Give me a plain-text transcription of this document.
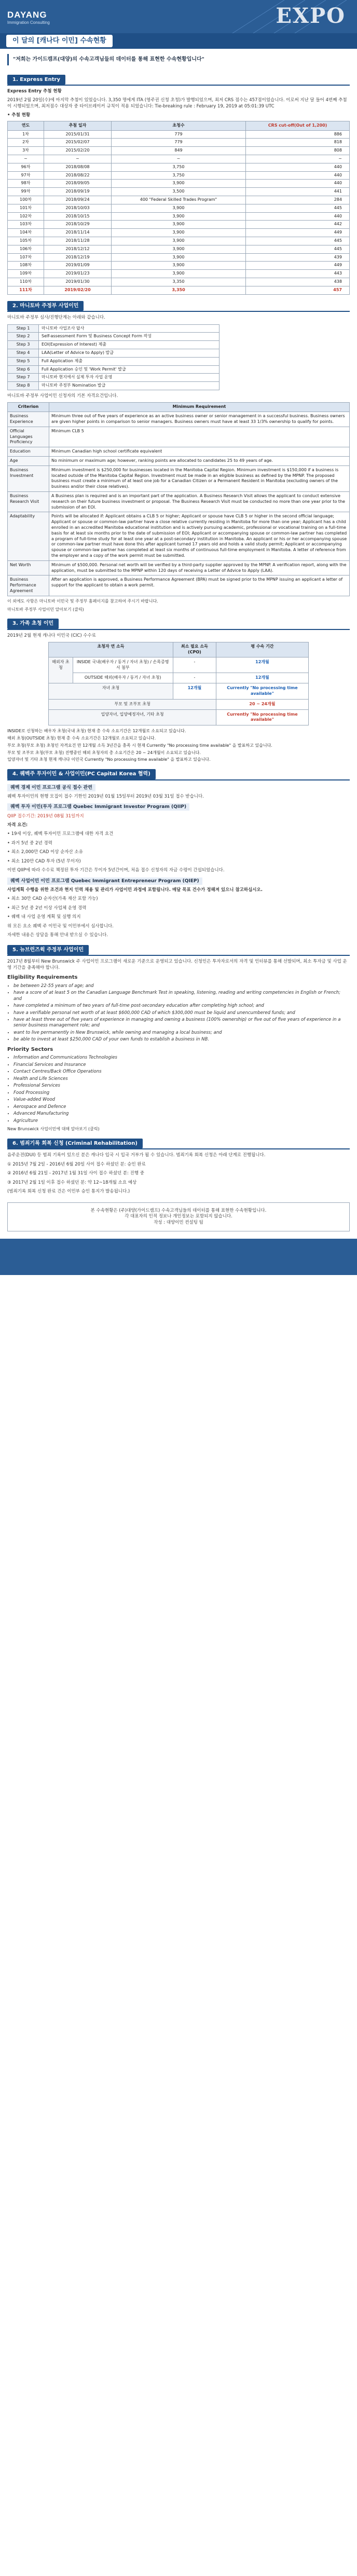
DAYANG
Immigration Consulting	EXPO
이 달의 [캐나다 이민] 수속현황
"저희는 가이드캠프(대양)의 수속고객님들의 데이터를 통해 표현한 수속현황입니다"
1. Express Entry
Express Entry 추첨 현황
2019년 2월 20일(수)에 마지막 추첨이 있었습니다. 3,350 명에게 ITA (영주권 신청 초청)가 발행되었으며, 최저 CRS 점수는 457점이었습니다. 이로써 지난 달 들어 4번째 추첨이 시행되었으며, 최저점수 대상자 중 타이브레이커 규칙이 적용 되었습니다: Tie-breaking rule : February 19, 2019 at 05:01:39 UTC
• 추첨 현황
연도	추첨 일자	초청수	CRS cut-off(Out of 1,200)
1차	2015/01/31	779	886
2차	2015/02/07	779	818
3차	2015/02/20	849	808
~	~	~	~
96차	2018/08/08	3,750	440
97차	2018/08/22	3,750	440
98차	2018/09/05	3,900	440
99차	2018/09/19	3,500	441
100차	2018/09/24	400 "Federal Skilled Trades Program"	284
101차	2018/10/03	3,900	445
102차	2018/10/15	3,900	440
103차	2018/10/29	3,900	442
104차	2018/11/14	3,900	449
105차	2018/11/28	3,900	445
106차	2018/12/12	3,900	445
107차	2018/12/19	3,900	439
108차	2019/01/09	3,900	449
109차	2019/01/23	3,900	443
110차	2019/01/30	3,350	438
111차	2019/02/20	3,350	457
2. 마니토바 주정부 사업이민
마니토바 주정부 심사/진행단계는 아래와 같습니다.
Step 1	마니토바 사업조사 답사
Step 2	Self-assessment Form 및 Business Concept Form 작성
Step 3	EOI(Expression of Interest) 제출
Step 4	LAA(Letter of Advice to Apply) 발급
Step 5	Full Application 제출
Step 6	Full Application 승인 및 'Work Permit' 발급
Step 7	마니토바 현지에서 실제 투자 사업 운영
Step 8	마니토바 주정부 Nomination 발급
마니토바 주정부 사업이민 신청자의 기본 자격요건입니다.
Criterion	Minimum Requirement
Business Experience	Minimum three out of five years of experience as an active business owner or senior management in a successful business. Business owners are given higher points in comparison to senior managers. Business owners must have at least 33 1/3% ownership to qualify for points.
Official Languages Proficiency	Minimum CLB 5
Education	Minimum Canadian high school certificate equivalent
Age	No minimum or maximum age; however, ranking points are allocated to candidates 25 to 49 years of age.
Business Investment	Minimum investment is $250,000 for businesses located in the Manitoba Capital Region. Minimum investment is $150,000 if a business is located outside of the Manitoba Capital Region. Investment must be made in an eligible business as defined by the MPNP. The proposed business must create a minimum of at least one job for a Canadian Citizen or a Permanent Resident in Manitoba (excluding owners of the business and/or their close relatives).
Business Research Visit	A Business plan is required and is an important part of the application. A Business Research Visit allows the applicant to conduct extensive research on their future business investment or proposal. The Business Research Visit must be conducted no more than one year prior to the submission of an EOI.
Adaptability	Points will be allocated if: Applicant obtains a CLB 5 or higher; Applicant or spouse have CLB 5 or higher in the second official language; Applicant or spouse or common-law partner have a close relative currently residing in Manitoba for more than one year; Applicant has a child enrolled in an accredited Manitoba educational institution and is actively pursuing academic, professional or vocational training on a full-time basis for at least six months prior to the date of submission of EOI; Applicant or accompanying spouse or common-law partner has completed a program of full-time study for at least one year at a post-secondary institution in Manitoba. An applicant or his or her accompanying spouse or common-law partner must have done this after applicant turned 17 years old and holds a valid study permit; Applicant or accompanying spouse or common-law partner has completed at least six months of continuous full-time employment in Manitoba. A letter of reference from the employer and a copy of the work permit must be submitted.
Net Worth	Minimum of $500,000. Personal net worth will be verified by a third-party supplier approved by the MPNP. A verification report, along with the application, must be submitted to the MPNP within 120 days of receiving a Letter of Advice to Apply (LAA).
Business Performance Agreement	After an application is approved, a Business Performance Agreement (BPA) must be signed prior to the MPNP issuing an applicant a letter of support for the applicant to obtain a work permit.
이 외에도 사항은 마니토바 이민국 및 주정부 홈페이지를 참고하여 주시기 바랍니다.
마니토바 주정부 사업이민 알아보기 (클릭)
3. 가족 초청 이민
2019년 2월 현재 캐나다 이민국 (CIC) 수수료
초청자 연 소득		최소 필요 소득 (CPO)	평 수속 기간
해외자 초청	INSIDE 국내(배우자 / 동거 / 자녀 초청) / 손목증명서 첨부	-	12개월
	OUTSIDE 해외(배우자 / 동거 / 자녀 초청)	-	12개월
자녀 초청		12개월	Currently "No processing time available"
부모 및 조부모 초청			20 ~ 24개월
입양자녀, 입양예정자녀, 기타 초청			Currently "No processing time available"
INSIDE로 신청하는 배우자 초청(국내 초청) 현재 총 수속 소요기간은 12개월로 소요되고 있습니다.
해외 초청(OUTSIDE 초청) 현재 총 수속 소요기간은 12개월로 소요되고 있습니다.
부모 초청(부모 초청) 초청인 자격요건 만 12개월 소득 3년간을 충족 시 현재 Currently "No processing time available" 을 발표하고 있습니다.
부모 및 조부모 초청(부모 초청) 진행중인 해외 초청자의 총 소요기간은 20 ~ 24개월이 소요되고 있습니다.
입양자녀 및 기타 초청 현재 캐나다 이민국 Currently "No processing time available" 을 발표하고 있습니다.
4. 퀘벡주 투자이민 & 사업이민(PC Capital Korea 협력)
퀘벡 경제 이민 프로그램 공식 접수 관련
퀘벡 투자이민의 현행 모집이 접수 기한인 2019년 01월 15일부터 2019년 03월 31일 접수 받습니다.
퀘벡 투자 이민(투자 프로그램 Quebec Immigrant Investor Program (QIIP)
QIIP 접수기간: 2019년 08월 31일까지
자격 요건:
• 19세 이상, 퀘벡 투자이민 프로그램에 대한 자격 요건
• 과거 5년 중 2년 경력
• 최소 2,000만 CAD 이상 순자산 소유
• 최소 120만 CAD 투자 (5년 무이자)
이번 QIIP에 따라 수수료 책정된 투자 기간은 무이자 5년간이며, 처음 접수 신청자의 자금 수령이 간섭되었습니다.
퀘벡 사업이민 이민 프로그램 Quebec Immigrant Entrepreneur Program (QIEP)
사업계획 수행을 위한 조건과 현지 인력 채용 및 관리가 사업이민 과정에 포함됩니다. 매달 목표 건수가 정해져 있으니 참고하십시오.
• 최소 30만 CAD 순자산(가족 재산 포함 가능)
• 최근 5년 중 2년 이상 사업체 운영 경력
• 퀘벡 내 사업 운영 계획 및 실행 의지
위 모든 요소 퀘벡 주 이민국 및 이민부에서 심사합니다.
자세한 내용은 상담을 통해 안내 받으실 수 있습니다.
5. 뉴브런즈윅 주정부 사업이민
2017년 8월부터 New Brunswick 주 사업이민 프로그램이 새로운 기준으로 운영되고 있습니다. 신청인은 투자자로서의 자격 및 인터뷰를 통해 선발되며, 최소 투자금 및 사업 운영 기간을 충족해야 합니다.
Eligibility Requirements
• be between 22-55 years of age; and
• have a score of at least 5 on the Canadian Language Benchmark Test in speaking, listening, reading and writing competencies in English or French; and
• have completed a minimum of two years of full-time post-secondary education after completing high school; and
• have a verifiable personal net worth of at least $600,000 CAD of which $300,000 must be liquid and unencumbered funds; and
• have at least three out of five years of experience in managing and owning a business (100% ownership) or five out of five years of experience in a senior business management role; and
• want to live permanently in New Brunswick, while owning and managing a local business; and
• be able to invest at least $250,000 CAD of your own funds to establish a business in NB.
Priority Sectors
• Information and Communications Technologies
• Financial Services and Insurance
• Contact Centres/Back Office Operations
• Health and Life Sciences
• Professional Services
• Food Processing
• Value-added Wood
• Aerospace and Defence
• Advanced Manufacturing
• Agriculture
New Brunswick 사업이민에 대해 알아보기 (클릭)
6. 범죄기록 회복 신청 (Criminal Rehabilitation)
음주운전(DUI) 등 범죄 기록이 있으신 분은 캐나다 입국 시 입국 거부가 될 수 있습니다. 범죄기록 회복 신청은 아래 단계로 진행됩니다.
① 2015년 7월 2일 - 2016년 6월 20일 사이 접수 하셨던 분: 승인 완료
② 2016년 6월 21일 - 2017년 1월 31일 사이 접수 하셨던 분: 진행 중
③ 2017년 2월 1일 이후 접수 하셨던 분: 약 12~18개월 소요 예상
(범죄기록 회복 신청 완료 건은 이민부 승인 통지가 발송됩니다.)
본 수속현황은 (주)대양(가이드캠프) 수속고객님들의 데이터를 통해 표현한 수속현황입니다.
각 대표자의 인적 정보나 개인정보는 포함되지 않습니다.
작성 : 대양이민 컨설팅 팀
